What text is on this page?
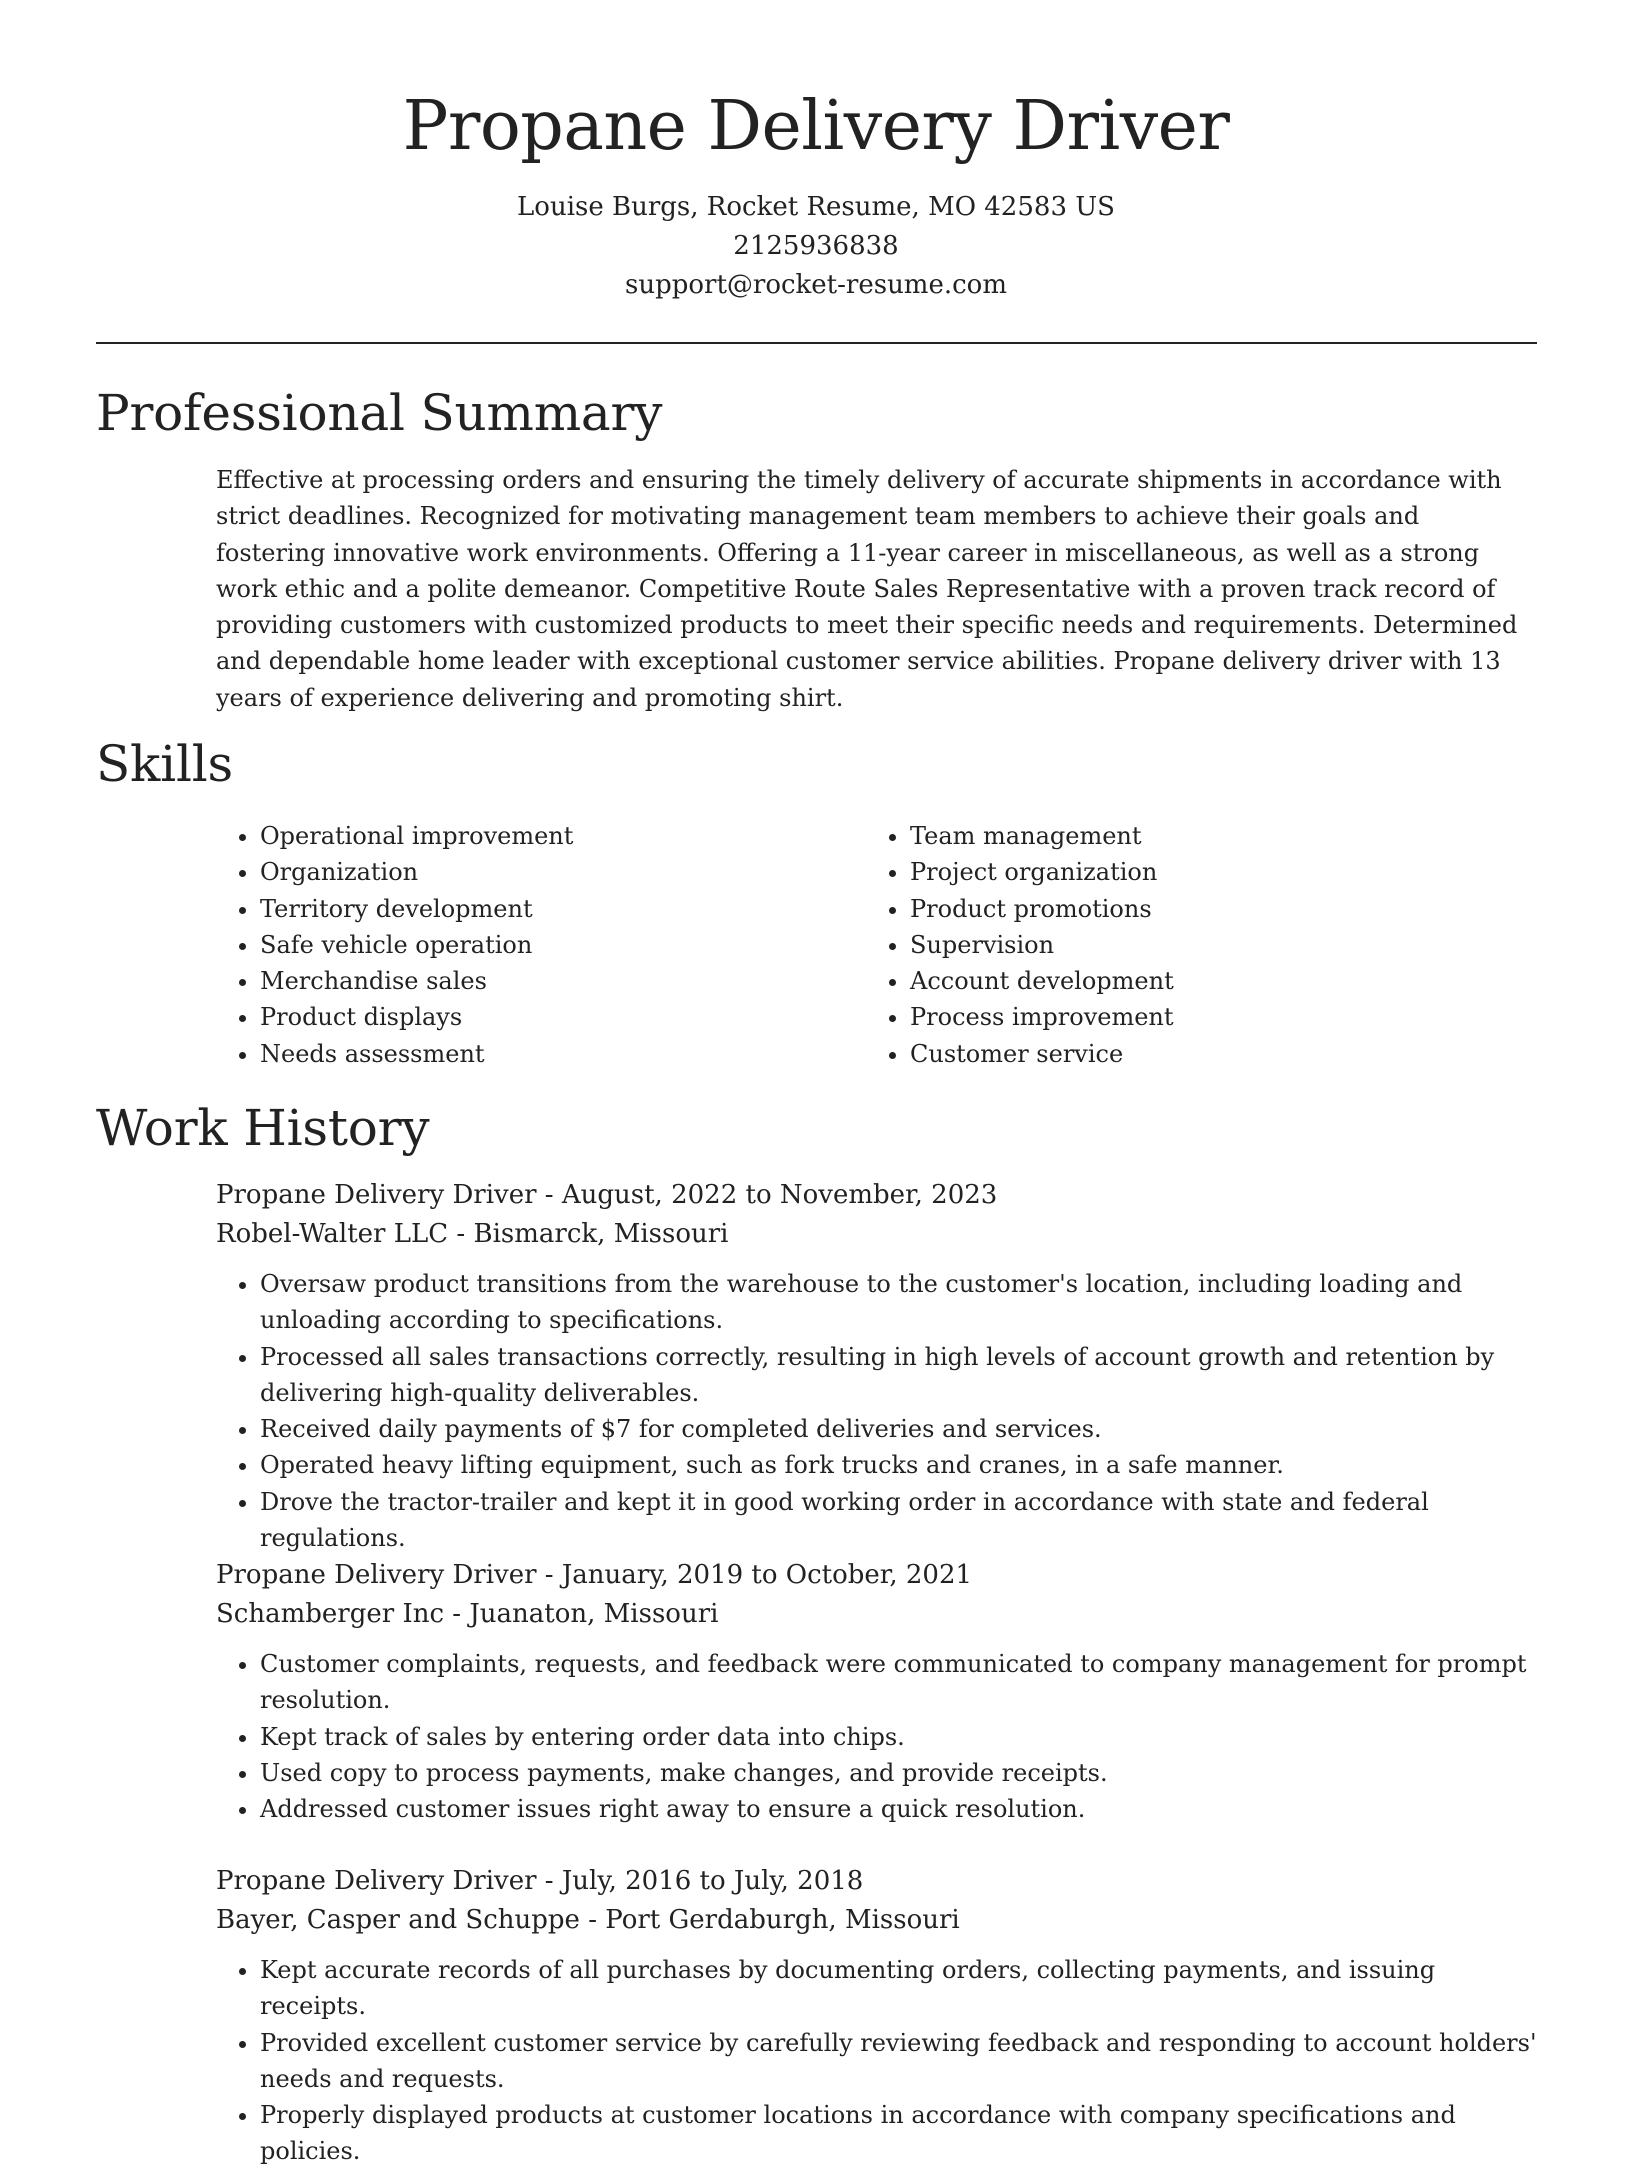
Propane Delivery Driver
Louise Burgs, Rocket Resume, MO 42583 US
2125936838
support@rocket-resume.com
Professional Summary

Effective at processing orders and ensuring the timely delivery of accurate shipments in accordance with strict deadlines. Recognized for motivating management team members to achieve their goals and fostering innovative work environments. Offering a 11-year career in miscellaneous, as well as a strong work ethic and a polite demeanor. Competitive Route Sales Representative with a proven track record of providing customers with customized products to meet their specific needs and requirements. Determined and dependable home leader with exceptional customer service abilities. Propane delivery driver with 13 years of experience delivering and promoting shirt.

Skills
• Operational improvement
• Organization
• Territory development
• Safe vehicle operation
• Merchandise sales
• Product displays
• Needs assessment
• Team management
• Project organization
• Product promotions
• Supervision
• Account development
• Process improvement
• Customer service
Work History

Propane Delivery Driver - August, 2022 to November, 2023

Robel-Walter LLC - Bismarck, Missouri

• Oversaw product transitions from the warehouse to the customer's location, including loading and unloading according to specifications.
• Processed all sales transactions correctly, resulting in high levels of account growth and retention by delivering high-quality deliverables.
• Received daily payments of $7 for completed deliveries and services.
• Operated heavy lifting equipment, such as fork trucks and cranes, in a safe manner.
• Drove the tractor-trailer and kept it in good working order in accordance with state and federal regulations.

Propane Delivery Driver - January, 2019 to October, 2021

Schamberger Inc - Juanaton, Missouri

• Customer complaints, requests, and feedback were communicated to company management for prompt resolution.
• Kept track of sales by entering order data into chips.
• Used copy to process payments, make changes, and provide receipts.
• Addressed customer issues right away to ensure a quick resolution.

Propane Delivery Driver - July, 2016 to July, 2018

Bayer, Casper and Schuppe - Port Gerdaburgh, Missouri

• Kept accurate records of all purchases by documenting orders, collecting payments, and issuing receipts.
• Provided excellent customer service by carefully reviewing feedback and responding to account holders' needs and requests.
• Properly displayed products at customer locations in accordance with company specifications and policies.
